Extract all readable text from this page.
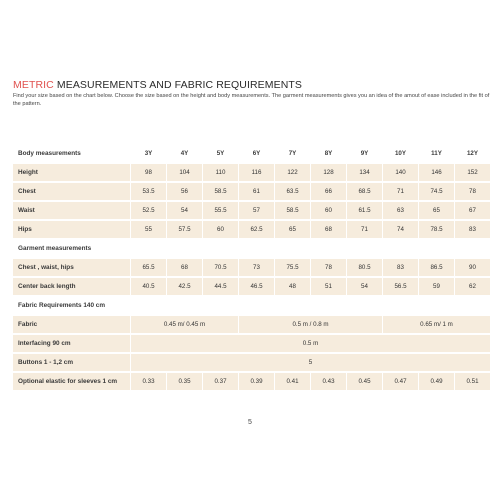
METRIC MEASUREMENTS AND FABRIC REQUIREMENTS

Find your size based on the chart below. Choose the size based on the height and body measurements. The garment measurements gives you an idea of the amout of ease included in the fit of the pattern.

Body measurements	3Y	4Y	5Y	6Y	7Y	8Y	9Y	10Y	11Y	12Y
Height	98	104	110	116	122	128	134	140	146	152
Chest	53.5	56	58.5	61	63.5	66	68.5	71	74.5	78
Waist	52.5	54	55.5	57	58.5	60	61.5	63	65	67
Hips	55	57.5	60	62.5	65	68	71	74	78.5	83
Garment measurements										
Chest , waist, hips	65.5	68	70.5	73	75.5	78	80.5	83	86.5	90
Center back length	40.5	42.5	44.5	46.5	48	51	54	56.5	59	62
Fabric Requirements 140 cm										
Fabric	0.45 m/ 0.45 m			0.5 m / 0.8 m				0.65 m/ 1 m		
Interfacing 90 cm	0.5 m									
Buttons 1 - 1,2 cm	5									
Optional elastic for sleeves 1 cm	0.33	0.35	0.37	0.39	0.41	0.43	0.45	0.47	0.49	0.51
5
